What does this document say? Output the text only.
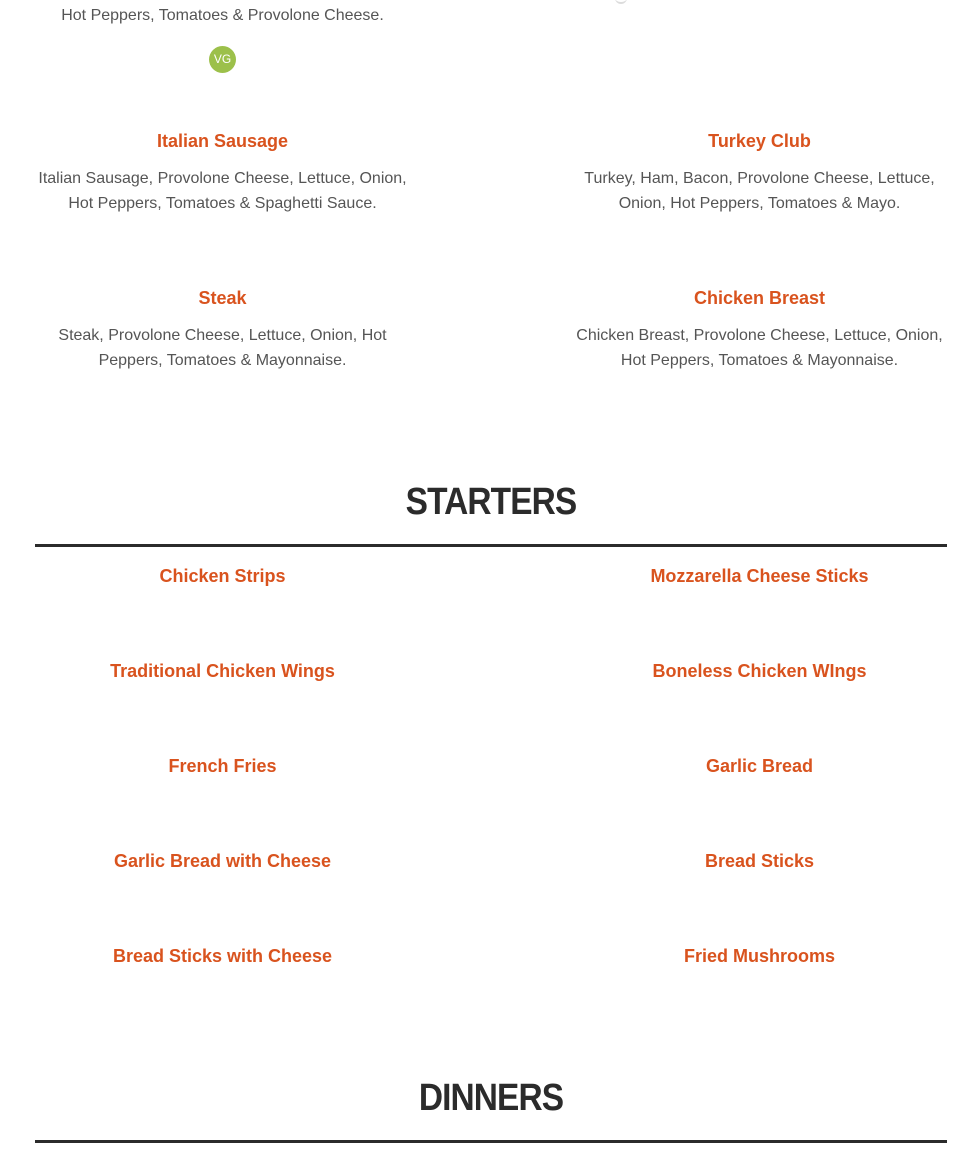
Hot Peppers, Tomatoes & Provolone Cheese.
VG
Italian Sausage
Italian Sausage, Provolone Cheese, Lettuce, Onion, Hot Peppers, Tomatoes & Spaghetti Sauce.
Turkey Club
Turkey, Ham, Bacon, Provolone Cheese, Lettuce, Onion, Hot Peppers, Tomatoes & Mayo.
Steak
Steak, Provolone Cheese, Lettuce, Onion, Hot Peppers, Tomatoes & Mayonnaise.
Chicken Breast
Chicken Breast, Provolone Cheese, Lettuce, Onion, Hot Peppers, Tomatoes & Mayonnaise.
STARTERS
Chicken Strips	Mozzarella Cheese Sticks
Traditional Chicken Wings	Boneless Chicken WIngs
French Fries	Garlic Bread
Garlic Bread with Cheese	Bread Sticks
Bread Sticks with Cheese	Fried Mushrooms
DINNERS
